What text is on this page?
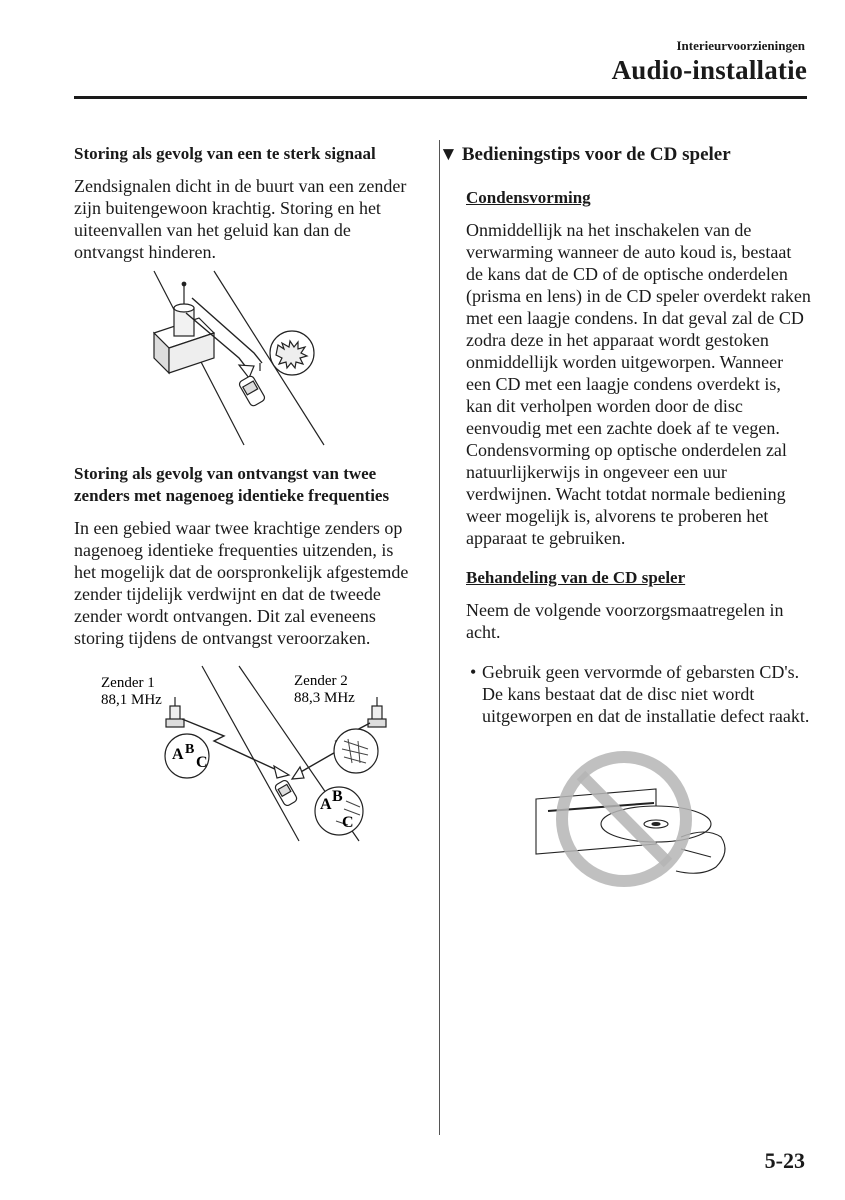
Interieurvoorzieningen
Audio-installatie

Storing als gevolg van een te sterk signaal

Zendsignalen dicht in de buurt van een zender zijn buitengewoon krachtig. Storing en het uiteenvallen van het geluid kan dan de ontvangst hinderen.

Storing als gevolg van ontvangst van twee zenders met nagenoeg identieke frequenties

In een gebied waar twee krachtige zenders op nagenoeg identieke frequenties uitzenden, is het mogelijk dat de oorspronkelijk afgestemde zender tijdelijk verdwijnt en dat de tweede zender wordt ontvangen. Dit zal eveneens storing tijdens de ontvangst veroorzaken.

Zender 1
88,1 MHz
Zender 2
88,3 MHz
A B
C
A B
C
▼ Bedieningstips voor de CD speler

Condensvorming

Onmiddellijk na het inschakelen van de verwarming wanneer de auto koud is, bestaat de kans dat de CD of de optische onderdelen (prisma en lens) in de CD speler overdekt raken met een laagje condens. In dat geval zal de CD zodra deze in het apparaat wordt gestoken onmiddellijk worden uitgeworpen. Wanneer een CD met een laagje condens overdekt is, kan dit verholpen worden door de disc eenvoudig met een zachte doek af te vegen. Condensvorming op optische onderdelen zal natuurlijkerwijs in ongeveer een uur verdwijnen. Wacht totdat normale bediening weer mogelijk is, alvorens te proberen het apparaat te gebruiken.

Behandeling van de CD speler

Neem de volgende voorzorgsmaatregelen in acht.

• Gebruik geen vervormde of gebarsten CD's. De kans bestaat dat de disc niet wordt uitgeworpen en dat de installatie defect raakt.
5-23
